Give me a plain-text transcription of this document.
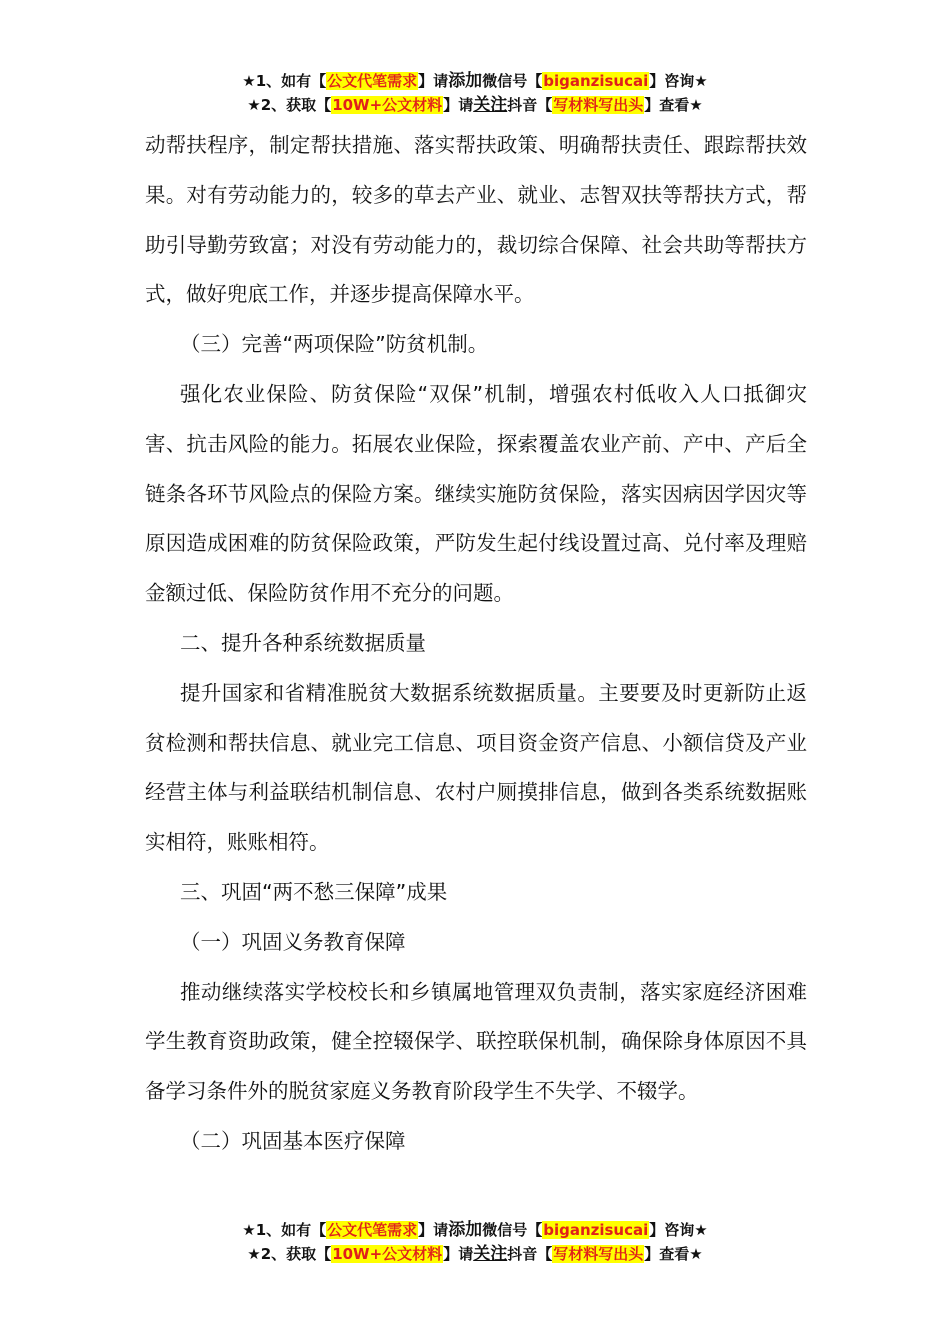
★1、如有【公文代笔需求】请添加微信号【biganzisucai】咨询★
★2、获取【10W+公文材料】请关注抖音【写材料写出头】查看★

动帮扶程序，制定帮扶措施、落实帮扶政策、明确帮扶责任、跟踪帮扶效果。对有劳动能力的，较多的草去产业、就业、志智双扶等帮扶方式，帮助引导勤劳致富；对没有劳动能力的，裁切综合保障、社会共助等帮扶方式，做好兜底工作，并逐步提高保障水平。

（三）完善“两项保险”防贫机制。

强化农业保险、防贫保险“双保”机制，增强农村低收入人口抵御灾害、抗击风险的能力。拓展农业保险，探索覆盖农业产前、产中、产后全链条各环节风险点的保险方案。继续实施防贫保险，落实因病因学因灾等原因造成困难的防贫保险政策，严防发生起付线设置过高、兑付率及理赔金额过低、保险防贫作用不充分的问题。

二、提升各种系统数据质量

提升国家和省精准脱贫大数据系统数据质量。主要要及时更新防止返贫检测和帮扶信息、就业完工信息、项目资金资产信息、小额信贷及产业经营主体与利益联结机制信息、农村户厕摸排信息，做到各类系统数据账实相符，账账相符。

三、巩固“两不愁三保障”成果

（一）巩固义务教育保障

推动继续落实学校校长和乡镇属地管理双负责制，落实家庭经济困难学生教育资助政策，健全控辍保学、联控联保机制，确保除身体原因不具备学习条件外的脱贫家庭义务教育阶段学生不失学、不辍学。

（二）巩固基本医疗保障

★1、如有【公文代笔需求】请添加微信号【biganzisucai】咨询★
★2、获取【10W+公文材料】请关注抖音【写材料写出头】查看★
